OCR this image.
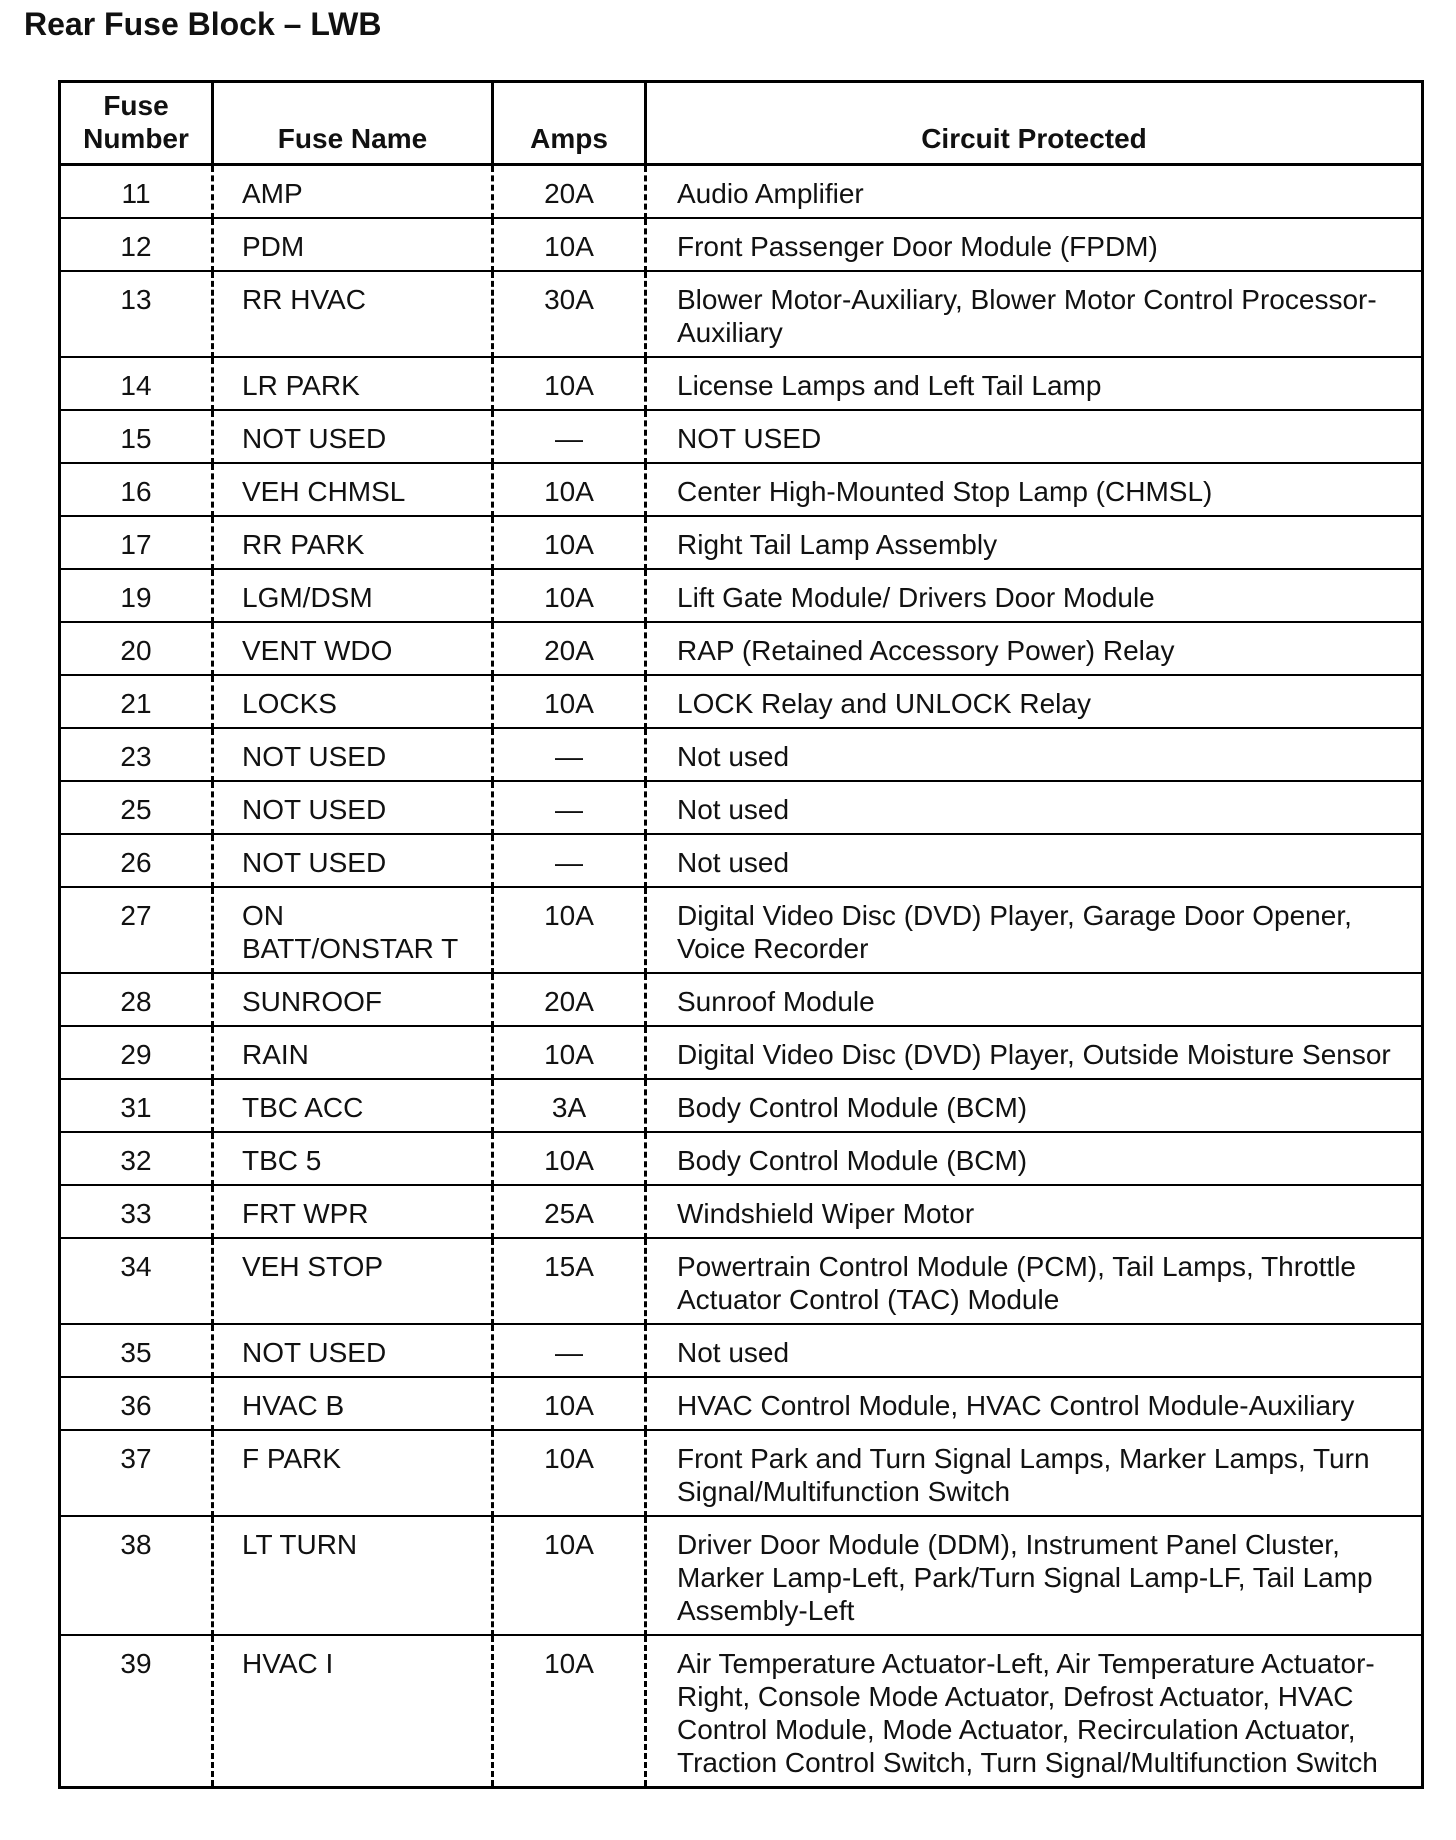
Rear Fuse Block – LWB
Fuse Number	Fuse Name	Amps	Circuit Protected
11	AMP	20A	Audio Amplifier
12	PDM	10A	Front Passenger Door Module (FPDM)
13	RR HVAC	30A	Blower Motor-Auxiliary, Blower Motor Control Processor-Auxiliary
14	LR PARK	10A	License Lamps and Left Tail Lamp
15	NOT USED	—	NOT USED
16	VEH CHMSL	10A	Center High-Mounted Stop Lamp (CHMSL)
17	RR PARK	10A	Right Tail Lamp Assembly
19	LGM/DSM	10A	Lift Gate Module/ Drivers Door Module
20	VENT WDO	20A	RAP (Retained Accessory Power) Relay
21	LOCKS	10A	LOCK Relay and UNLOCK Relay
23	NOT USED	—	Not used
25	NOT USED	—	Not used
26	NOT USED	—	Not used
27	ON BATT/ONSTAR T	10A	Digital Video Disc (DVD) Player, Garage Door Opener, Voice Recorder
28	SUNROOF	20A	Sunroof Module
29	RAIN	10A	Digital Video Disc (DVD) Player, Outside Moisture Sensor
31	TBC ACC	3A	Body Control Module (BCM)
32	TBC 5	10A	Body Control Module (BCM)
33	FRT WPR	25A	Windshield Wiper Motor
34	VEH STOP	15A	Powertrain Control Module (PCM), Tail Lamps, Throttle Actuator Control (TAC) Module
35	NOT USED	—	Not used
36	HVAC B	10A	HVAC Control Module, HVAC Control Module-Auxiliary
37	F PARK	10A	Front Park and Turn Signal Lamps, Marker Lamps, Turn Signal/Multifunction Switch
38	LT TURN	10A	Driver Door Module (DDM), Instrument Panel Cluster, Marker Lamp-Left, Park/Turn Signal Lamp-LF, Tail Lamp Assembly-Left
39	HVAC I	10A	Air Temperature Actuator-Left, Air Temperature Actuator-Right, Console Mode Actuator, Defrost Actuator, HVAC Control Module, Mode Actuator, Recirculation Actuator, Traction Control Switch, Turn Signal/Multifunction Switch
